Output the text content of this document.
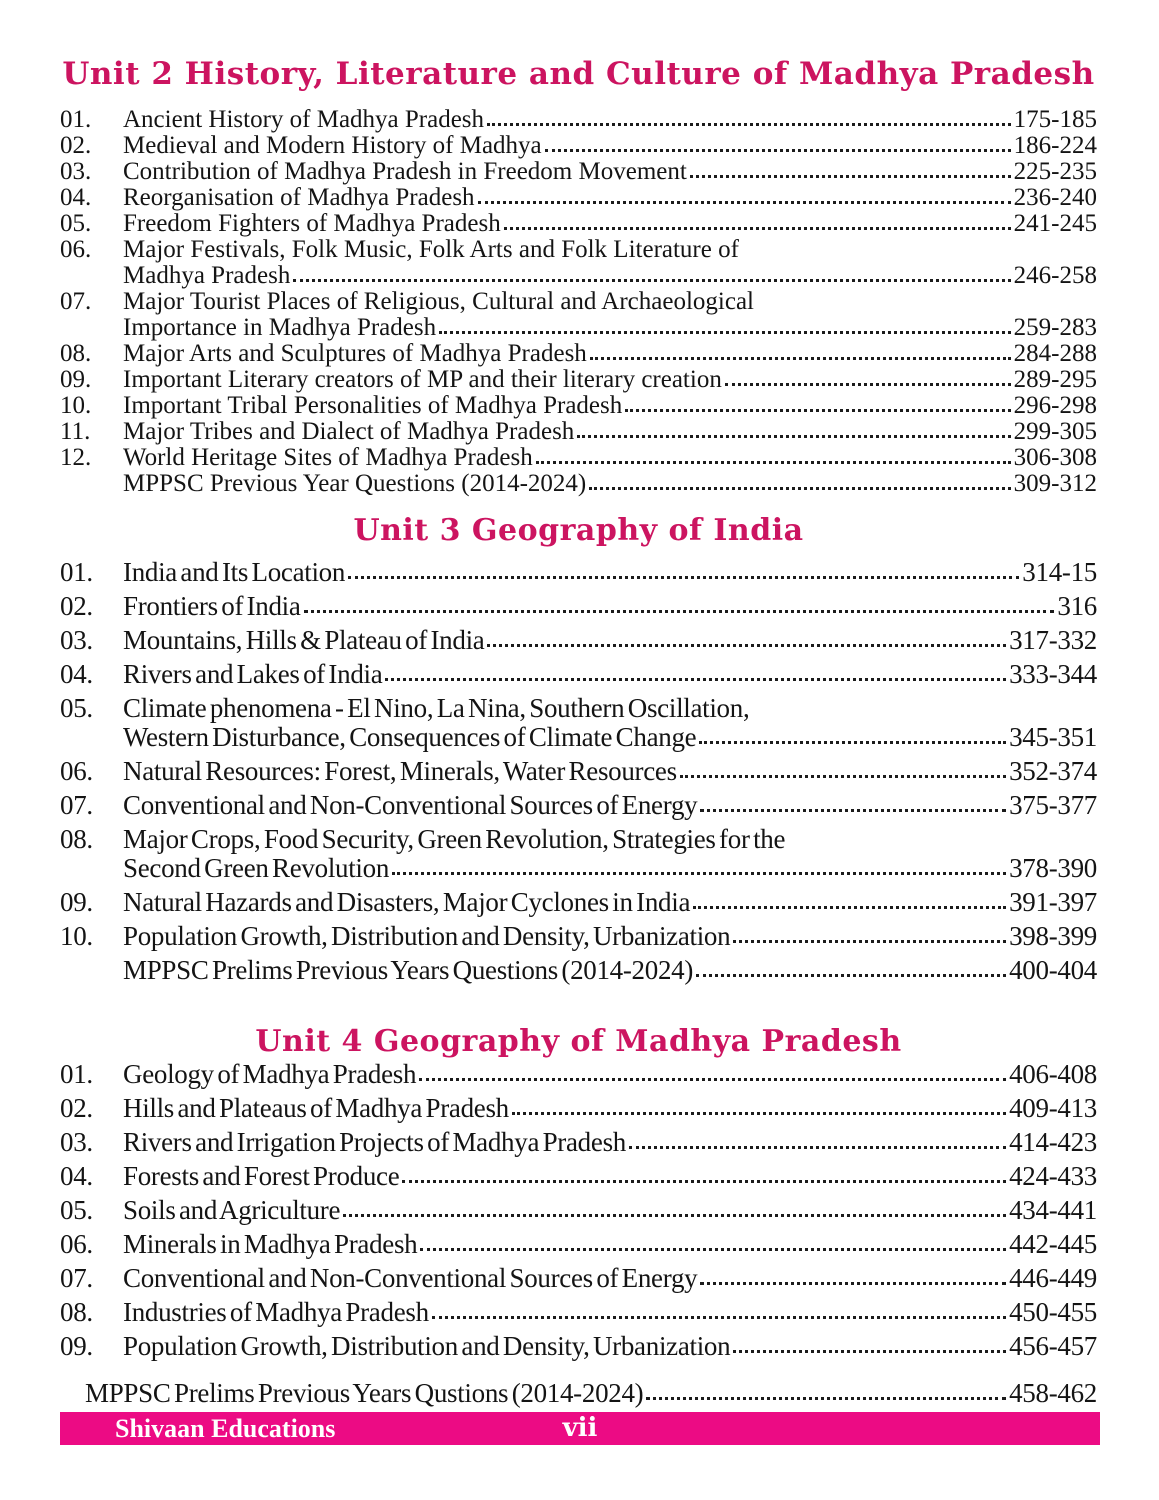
Unit 2 History, Literature and Culture of Madhya Pradesh
01.	Ancient History of Madhya Pradesh	175-185
02.	Medieval and Modern History of Madhya	186-224
03.	Contribution of Madhya Pradesh in Freedom Movement	225-235
04.	Reorganisation of Madhya Pradesh	236-240
05.	Freedom Fighters of Madhya Pradesh	241-245
06.	Major Festivals, Folk Music, Folk Arts and Folk Literature of
Madhya Pradesh	246-258
07.	Major Tourist Places of Religious, Cultural and Archaeological
Importance in Madhya Pradesh	259-283
08.	Major Arts and Sculptures of Madhya Pradesh	284-288
09.	Important Literary creators of MP and their literary creation	289-295
10.	Important Tribal Personalities of Madhya Pradesh	296-298
11.	Major Tribes and Dialect of Madhya Pradesh	299-305
12.	World Heritage Sites of Madhya Pradesh	306-308
MPPSC Previous Year Questions (2014-2024)	309-312
Unit 3 Geography of India
01.	India and Its Location	314-15
02.	Frontiers of India	316
03.	Mountains, Hills & Plateau of India	317-332
04.	Rivers and Lakes of India	333-344
05.	Climate phenomena - El Nino, La Nina, Southern Oscillation,
Western Disturbance, Consequences of Climate Change	345-351
06.	Natural Resources: Forest, Minerals, Water Resources	352-374
07.	Conventional and Non-Conventional Sources of Energy	375-377
08.	Major Crops, Food Security, Green Revolution, Strategies for the
Second Green Revolution	378-390
09.	Natural Hazards and Disasters, Major Cyclones in India	391-397
10.	Population Growth, Distribution and Density, Urbanization	398-399
MPPSC Prelims Previous Years Questions (2014-2024)	400-404
Unit 4 Geography of Madhya Pradesh
01.	Geology of Madhya Pradesh	406-408
02.	Hills and Plateaus of Madhya Pradesh	409-413
03.	Rivers and Irrigation Projects of Madhya Pradesh	414-423
04.	Forests and Forest Produce	424-433
05.	Soils and Agriculture	434-441
06.	Minerals in Madhya Pradesh	442-445
07.	Conventional and Non-Conventional Sources of Energy	446-449
08.	Industries of Madhya Pradesh	450-455
09.	Population Growth, Distribution and Density, Urbanization	456-457
MPPSC Prelims Previous Years Qustions (2014-2024)	458-462
Shivaan Educations	vii
